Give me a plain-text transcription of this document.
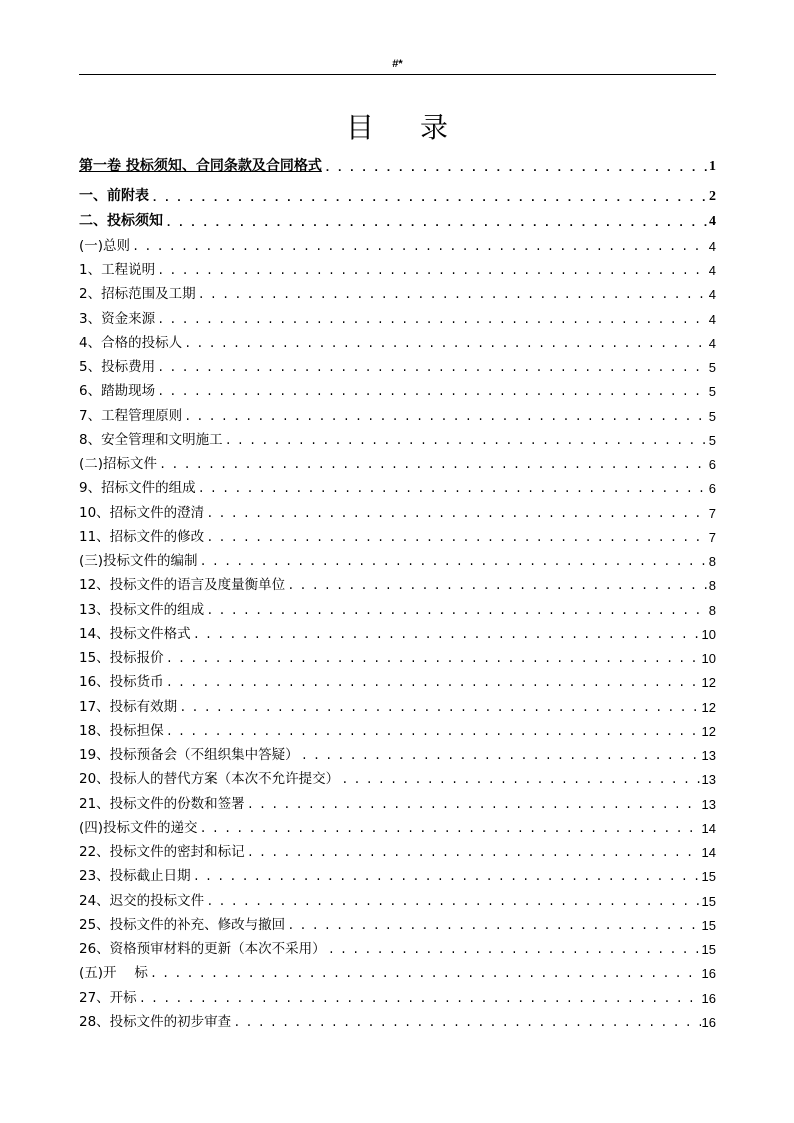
#*
目 录
第一卷 投标须知、合同条款及合同格式 . . .	1
一、前附表 . . .	2
二、投标须知 . . .	4
(一)总则 . . .	4
1、工程说明 . . .	4
2、招标范围及工期 . . .	4
3、资金来源 . . .	4
4、合格的投标人 . . .	4
5、投标费用 . . .	5
6、踏勘现场 . . .	5
7、工程管理原则 . . .	5
8、安全管理和文明施工 . . .	5
(二)招标文件 . . .	6
9、招标文件的组成 . . .	6
10、招标文件的澄清 . . .	7
11、招标文件的修改 . . .	7
(三)投标文件的编制 . . .	8
12、投标文件的语言及度量衡单位 . . .	8
13、投标文件的组成 . . .	8
14、投标文件格式 . . .	10
15、投标报价 . . .	10
16、投标货币 . . .	12
17、投标有效期 . . .	12
18、投标担保 . . .	12
19、投标预备会（不组织集中答疑） . . .	13
20、投标人的替代方案（本次不允许提交） . . .	13
21、投标文件的份数和签署 . . .	13
(四)投标文件的递交 . . .	14
22、投标文件的密封和标记 . . .	14
23、投标截止日期 . . .	15
24、迟交的投标文件 . . .	15
25、投标文件的补充、修改与撤回 . . .	15
26、资格预审材料的更新（本次不采用） . . .	15
(五)开　 标 . . .	16
27、开标 . . .	16
28、投标文件的初步审查 . . .	16
